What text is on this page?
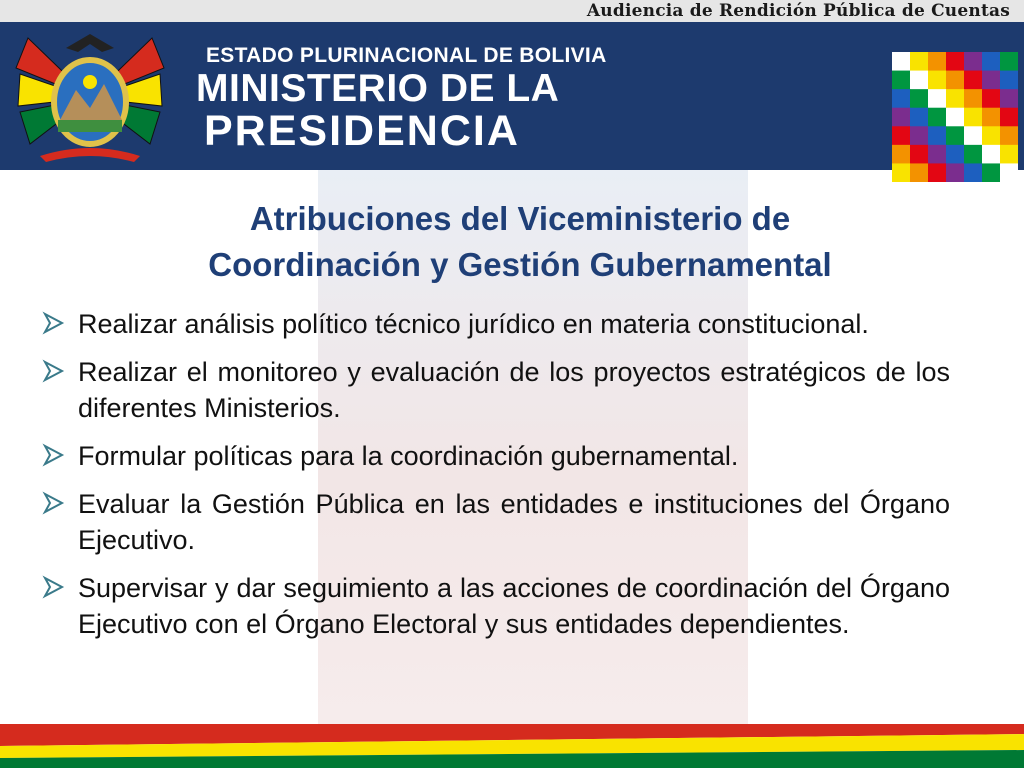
Audiencia de Rendición Pública de Cuentas
ESTADO PLURINACIONAL DE BOLIVIA
MINISTERIO DE LA
PRESIDENCIA
Atribuciones del Viceministerio de
Coordinación y Gestión Gubernamental
Realizar análisis político técnico jurídico en materia constitucional.
Realizar el monitoreo y evaluación de los proyectos estratégicos de los diferentes Ministerios.
Formular políticas para la coordinación gubernamental.
Evaluar la Gestión Pública en las entidades e instituciones del Órgano Ejecutivo.
Supervisar y dar seguimiento a las acciones de coordinación del Órgano Ejecutivo con el Órgano Electoral y sus entidades dependientes.
